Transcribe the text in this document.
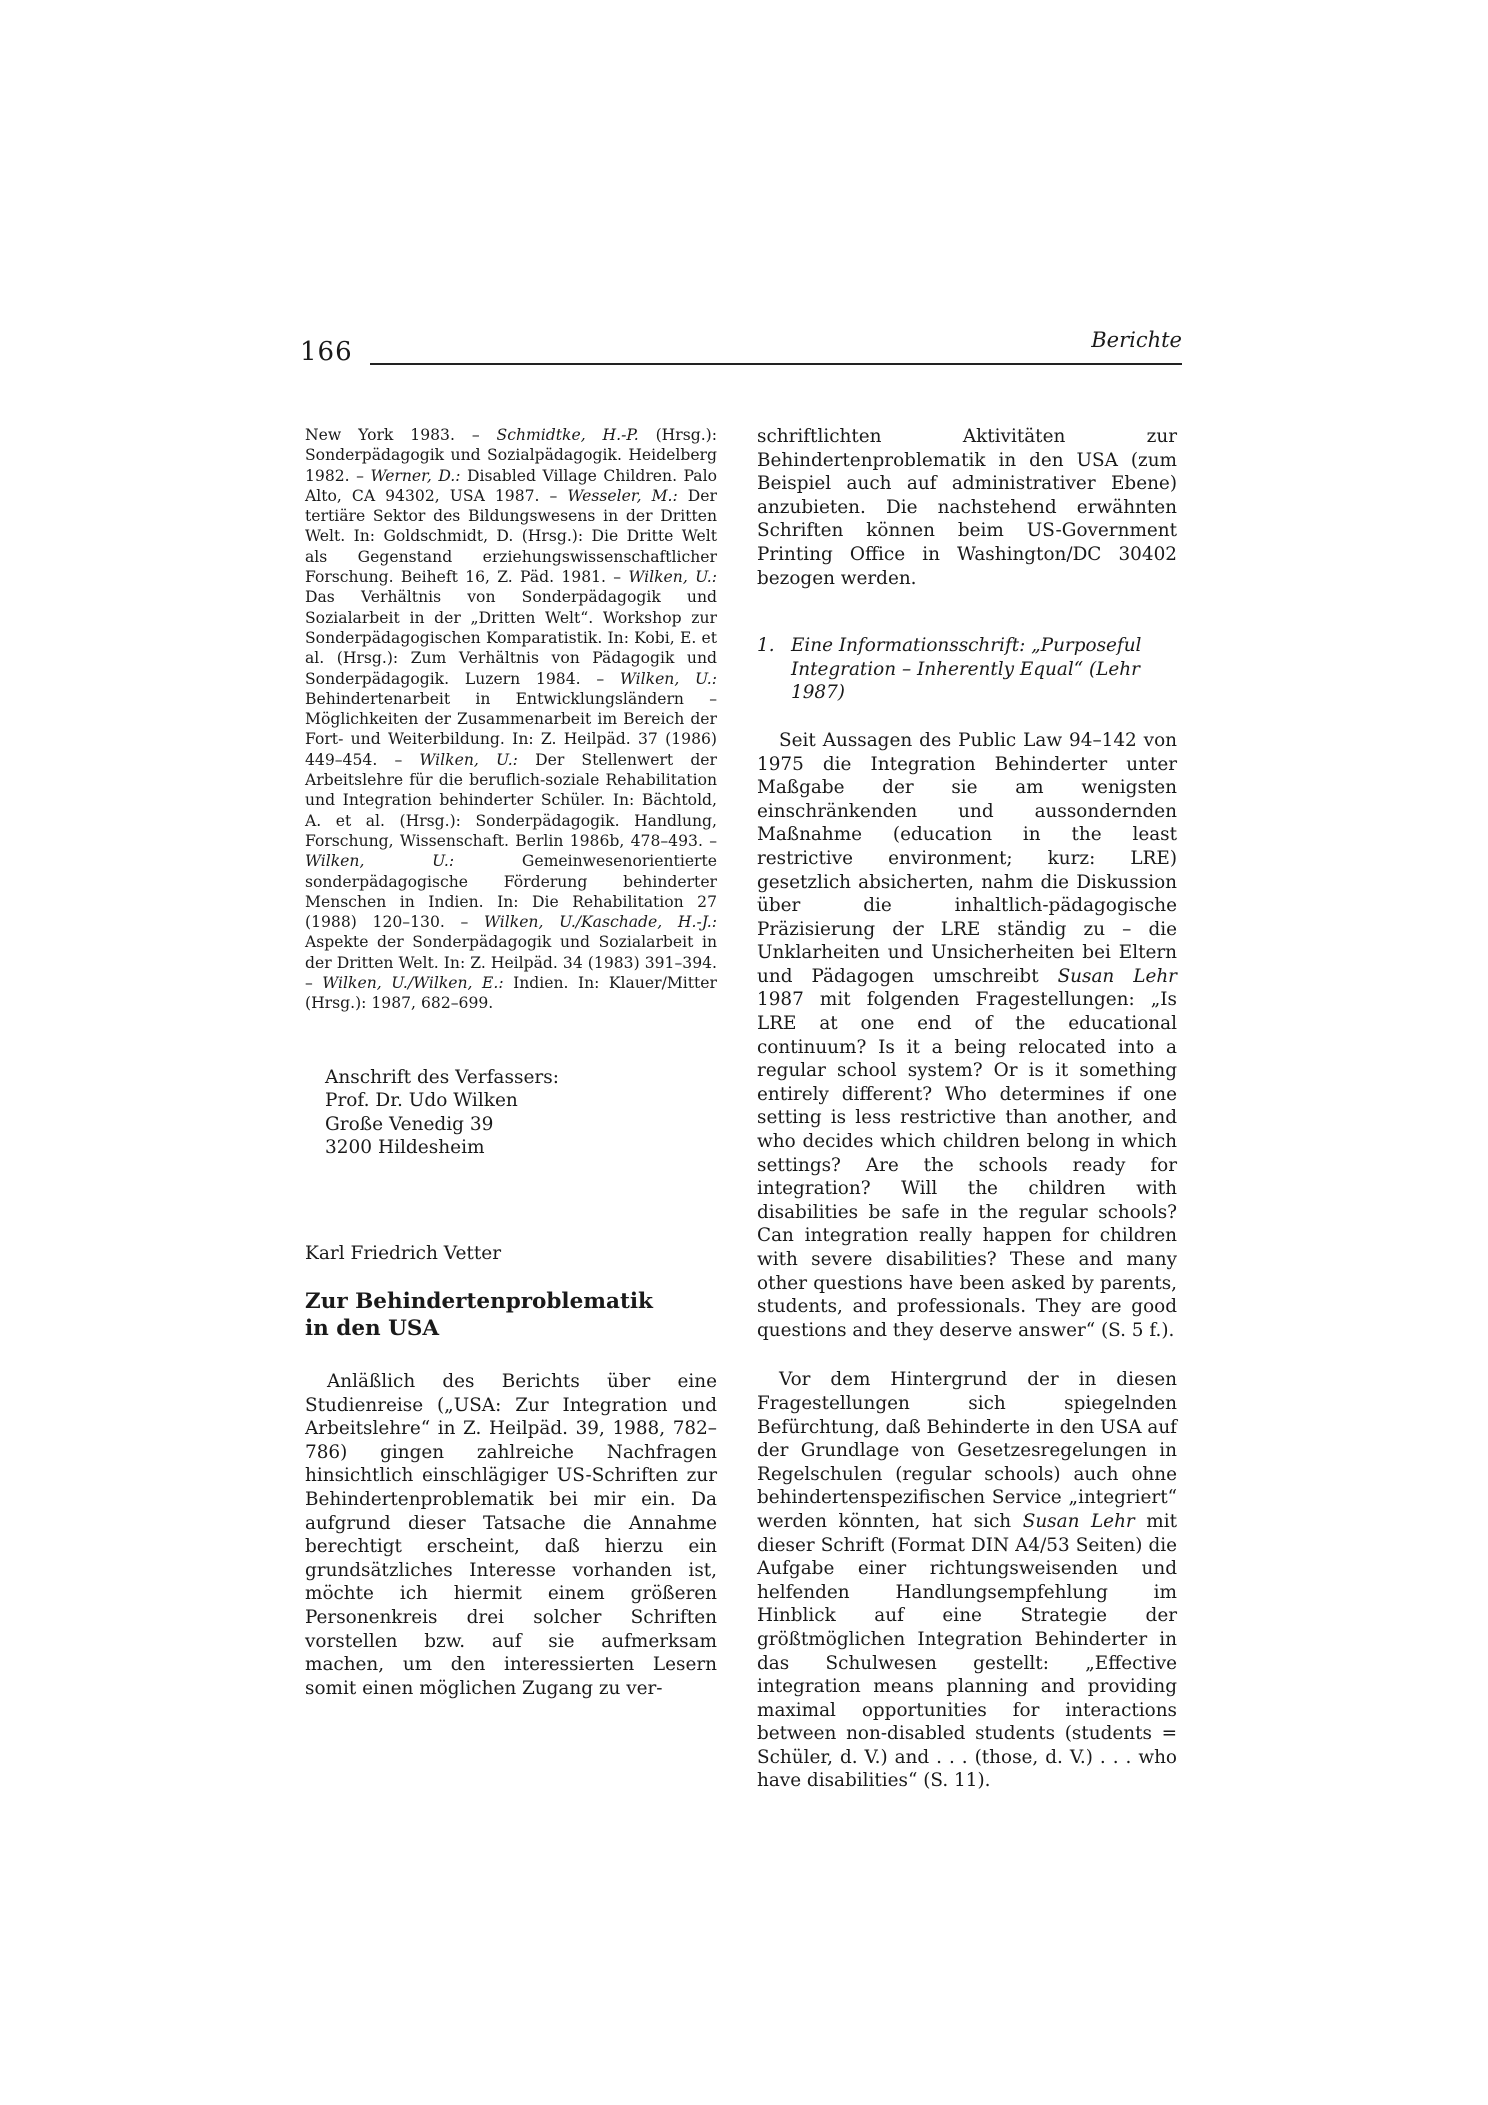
166	Berichte

New York 1983. – Schmidtke, H.-P. (Hrsg.): Sonderpädagogik und Sozialpädagogik. Heidelberg 1982. – Werner, D.: Disabled Village Children. Palo Alto, CA 94302, USA 1987. – Wesseler, M.: Der tertiäre Sektor des Bildungswesens in der Dritten Welt. In: Goldschmidt, D. (Hrsg.): Die Dritte Welt als Gegenstand erziehungswissenschaftlicher Forschung. Beiheft 16, Z. Päd. 1981. – Wilken, U.: Das Verhältnis von Sonderpädagogik und Sozialarbeit in der „Dritten Welt“. Workshop zur Sonderpädagogischen Komparatistik. In: Kobi, E. et al. (Hrsg.): Zum Verhältnis von Pädagogik und Sonderpädagogik. Luzern 1984. – Wilken, U.: Behindertenarbeit in Entwicklungsländern – Möglichkeiten der Zusammenarbeit im Bereich der Fort- und Weiterbildung. In: Z. Heilpäd. 37 (1986) 449–454. – Wilken, U.: Der Stellenwert der Arbeitslehre für die beruflich-soziale Rehabilitation und Integration behinderter Schüler. In: Bächtold, A. et al. (Hrsg.): Sonderpädagogik. Handlung, Forschung, Wissenschaft. Berlin 1986b, 478–493. – Wilken, U.: Gemeinwesenorientierte sonderpädagogische Förderung behinderter Menschen in Indien. In: Die Rehabilitation 27 (1988) 120–130. – Wilken, U./Kaschade, H.-J.: Aspekte der Sonderpädagogik und Sozialarbeit in der Dritten Welt. In: Z. Heilpäd. 34 (1983) 391–394. – Wilken, U./Wilken, E.: Indien. In: Klauer/Mitter (Hrsg.): 1987, 682–699.

Anschrift des Verfassers:
Prof. Dr. Udo Wilken
Große Venedig 39
3200 Hildesheim
Karl Friedrich Vetter
Zur Behindertenproblematik
in den USA

Anläßlich des Berichts über eine Studienreise („USA: Zur Integration und Arbeitslehre“ in Z. Heilpäd. 39, 1988, 782–786) gingen zahlreiche Nachfragen hinsichtlich einschlägiger US-Schriften zur Behindertenproblematik bei mir ein. Da aufgrund dieser Tatsache die Annahme berechtigt erscheint, daß hierzu ein grundsätzliches Interesse vorhanden ist, möchte ich hiermit einem größeren Personenkreis drei solcher Schriften vorstellen bzw. auf sie aufmerksam machen, um den interessierten Lesern somit einen möglichen Zugang zu ver-

schriftlichten Aktivitäten zur Behindertenproblematik in den USA (zum Beispiel auch auf administrativer Ebene) anzubieten. Die nachstehend erwähnten Schriften können beim US-Government Printing Office in Washington/DC 30402 bezogen werden.

1. Eine Informationsschrift: „Purposeful Integration – Inherently Equal“ (Lehr 1987)

Seit Aussagen des Public Law 94–142 von 1975 die Integration Behinderter unter Maßgabe der sie am wenigsten einschränkenden und aussondernden Maßnahme (education in the least restrictive environment; kurz: LRE) gesetzlich absicherten, nahm die Diskussion über die inhaltlich-pädagogische Präzisierung der LRE ständig zu – die Unklarheiten und Unsicherheiten bei Eltern und Pädagogen umschreibt Susan Lehr 1987 mit folgenden Fragestellungen: „Is LRE at one end of the educational continuum? Is it a being relocated into a regular school system? Or is it something entirely different? Who determines if one setting is less restrictive than another, and who decides which children belong in which settings? Are the schools ready for integration? Will the children with disabilities be safe in the regular schools? Can integration really happen for children with severe disabilities? These and many other questions have been asked by parents, students, and professionals. They are good questions and they deserve answer“ (S. 5 f.).

Vor dem Hintergrund der in diesen Fragestellungen sich spiegelnden Befürchtung, daß Behinderte in den USA auf der Grundlage von Gesetzesregelungen in Regelschulen (regular schools) auch ohne behindertenspezifischen Service „integriert“ werden könnten, hat sich Susan Lehr mit dieser Schrift (Format DIN A4/53 Seiten) die Aufgabe einer richtungsweisenden und helfenden Handlungsempfehlung im Hinblick auf eine Strategie der größtmöglichen Integration Behinderter in das Schulwesen gestellt: „Effective integration means planning and providing maximal opportunities for interactions between non-disabled students (students = Schüler, d. V.) and . . . (those, d. V.) . . . who have disabilities“ (S. 11).
